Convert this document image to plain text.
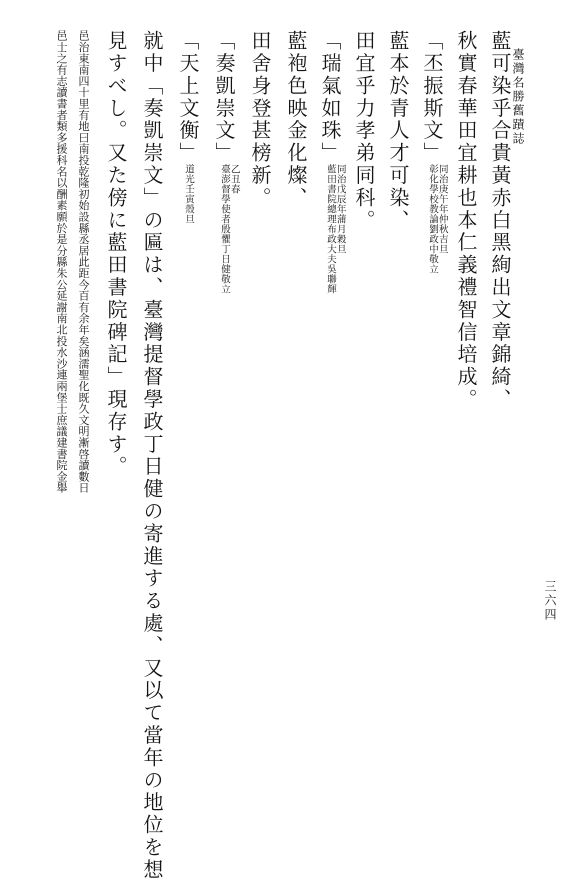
臺灣名勝舊蹟誌
三六四
藍可染乎合貴黃赤白黑絢出文章錦綺、
秋實春華田宜耕也本仁義禮智信培成。
「丕振斯文」
同治庚午年仲秋吉旦
彰化學校教論劉政中敬立
藍本於青人才可染、
田宜乎力孝弟同科。
「瑞氣如珠」
同治戊辰年蒲月穀旦
藍田書院總理布政大夫吳聯輝
藍袍色映金化燦、
田舍身登甚榜新。
「奏凱崇文」
乙丑春
臺澎督學使者殷懼丁日健敬立
「天上文衡」
道光壬寅殼旦
就中「奏凱崇文」の匾は、臺灣提督學政丁日健の寄進する處、又以て當年の地位を想
見すべし。又た傍に藍田書院碑記」現存す。
邑治東南四十里有地曰南投乾隆初始設縣丞居此距今百有余年矣涵濡聖化既久文明漸啓讀數日
邑士之有志讀書者類多援科名以酬素願於是分縣朱公延謝南北投水沙連兩堡士庶議建書院金舉
